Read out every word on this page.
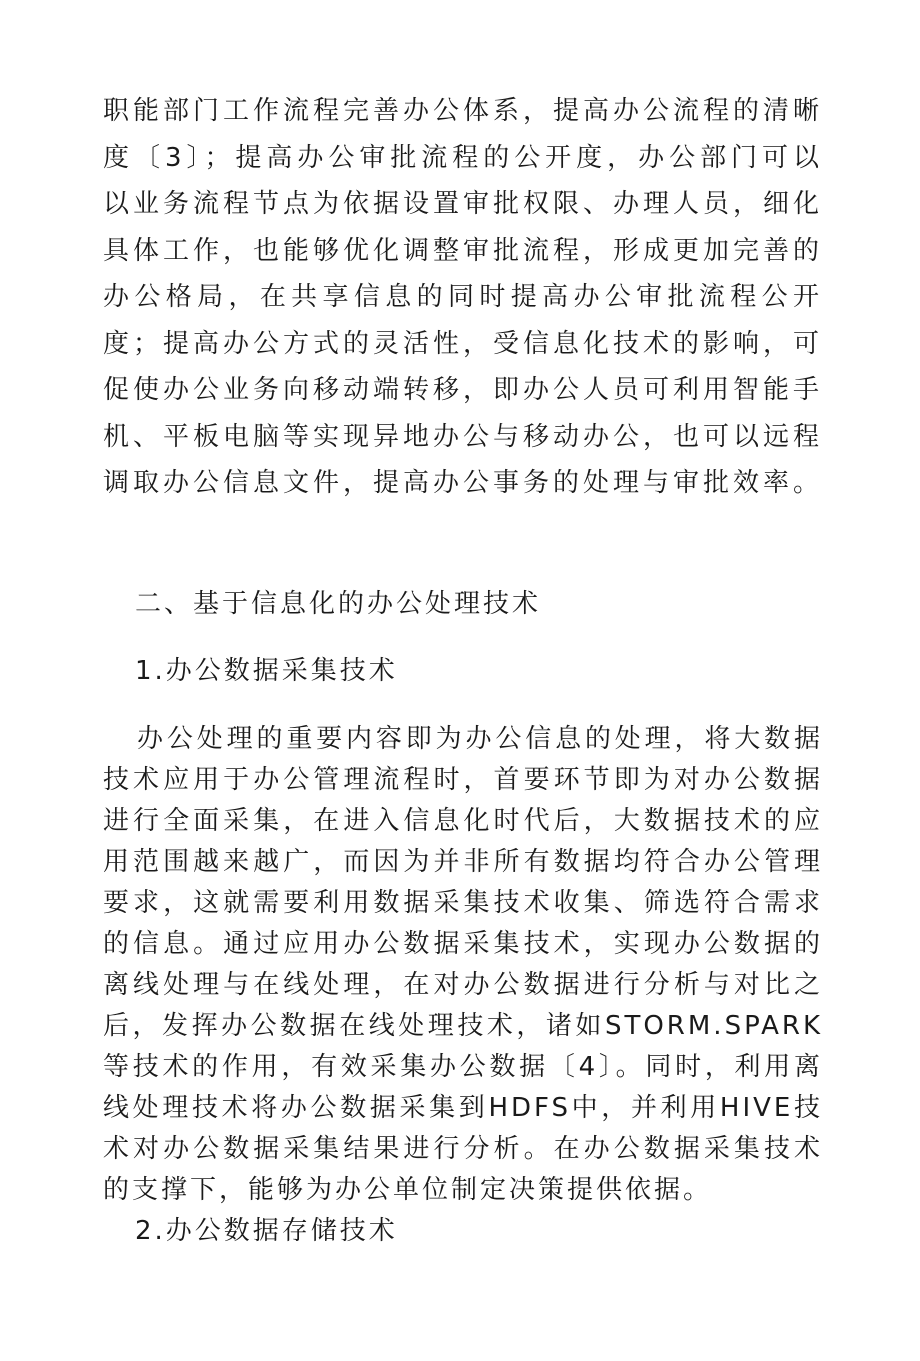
职能部门工作流程完善办公体系，提高办公流程的清晰度〔3〕；提高办公审批流程的公开度，办公部门可以以业务流程节点为依据设置审批权限、办理人员，细化具体工作，也能够优化调整审批流程，形成更加完善的办公格局，在共享信息的同时提高办公审批流程公开度；提高办公方式的灵活性，受信息化技术的影响，可促使办公业务向移动端转移，即办公人员可利用智能手机、平板电脑等实现异地办公与移动办公，也可以远程调取办公信息文件，提高办公事务的处理与审批效率。

二、基于信息化的办公处理技术

1.办公数据采集技术

办公处理的重要内容即为办公信息的处理，将大数据技术应用于办公管理流程时，首要环节即为对办公数据进行全面采集，在进入信息化时代后，大数据技术的应用范围越来越广，而因为并非所有数据均符合办公管理要求，这就需要利用数据采集技术收集、筛选符合需求的信息。通过应用办公数据采集技术，实现办公数据的离线处理与在线处理，在对办公数据进行分析与对比之后，发挥办公数据在线处理技术，诸如STORM.SPARK等技术的作用，有效采集办公数据〔4〕。同时，利用离线处理技术将办公数据采集到HDFS中，并利用HIVE技术对办公数据采集结果进行分析。在办公数据采集技术的支撑下，能够为办公单位制定决策提供依据。

2.办公数据存储技术
